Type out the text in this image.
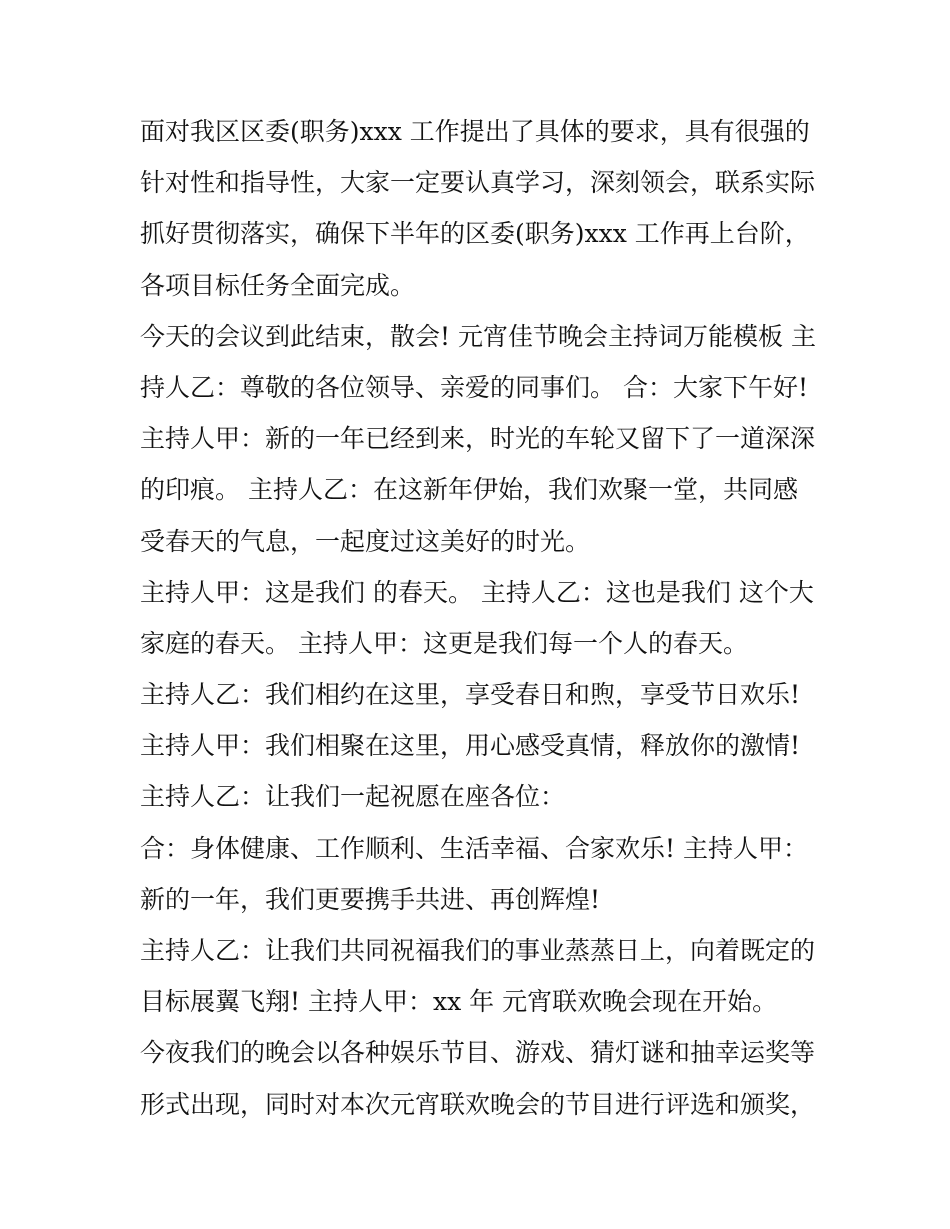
面对我区区委(职务)xxx 工作提出了具体的要求，具有很强的
针对性和指导性，大家一定要认真学习，深刻领会，联系实际
抓好贯彻落实，确保下半年的区委(职务)xxx 工作再上台阶，
各项目标任务全面完成。
今天的会议到此结束，散会! 元宵佳节晚会主持词万能模板 主
持人乙：尊敬的各位领导、亲爱的同事们。 合：大家下午好!
主持人甲：新的一年已经到来，时光的车轮又留下了一道深深
的印痕。 主持人乙：在这新年伊始，我们欢聚一堂，共同感
受春天的气息，一起度过这美好的时光。
主持人甲：这是我们 的春天。 主持人乙：这也是我们 这个大
家庭的春天。 主持人甲：这更是我们每一个人的春天。
主持人乙：我们相约在这里，享受春日和煦，享受节日欢乐!
主持人甲：我们相聚在这里，用心感受真情，释放你的激情!
主持人乙：让我们一起祝愿在座各位：
合：身体健康、工作顺利、生活幸福、合家欢乐! 主持人甲：
新的一年，我们更要携手共进、再创辉煌!
主持人乙：让我们共同祝福我们的事业蒸蒸日上，向着既定的
目标展翼飞翔! 主持人甲：xx 年 元宵联欢晚会现在开始。
今夜我们的晚会以各种娱乐节目、游戏、猜灯谜和抽幸运奖等
形式出现，同时对本次元宵联欢晚会的节目进行评选和颁奖，
